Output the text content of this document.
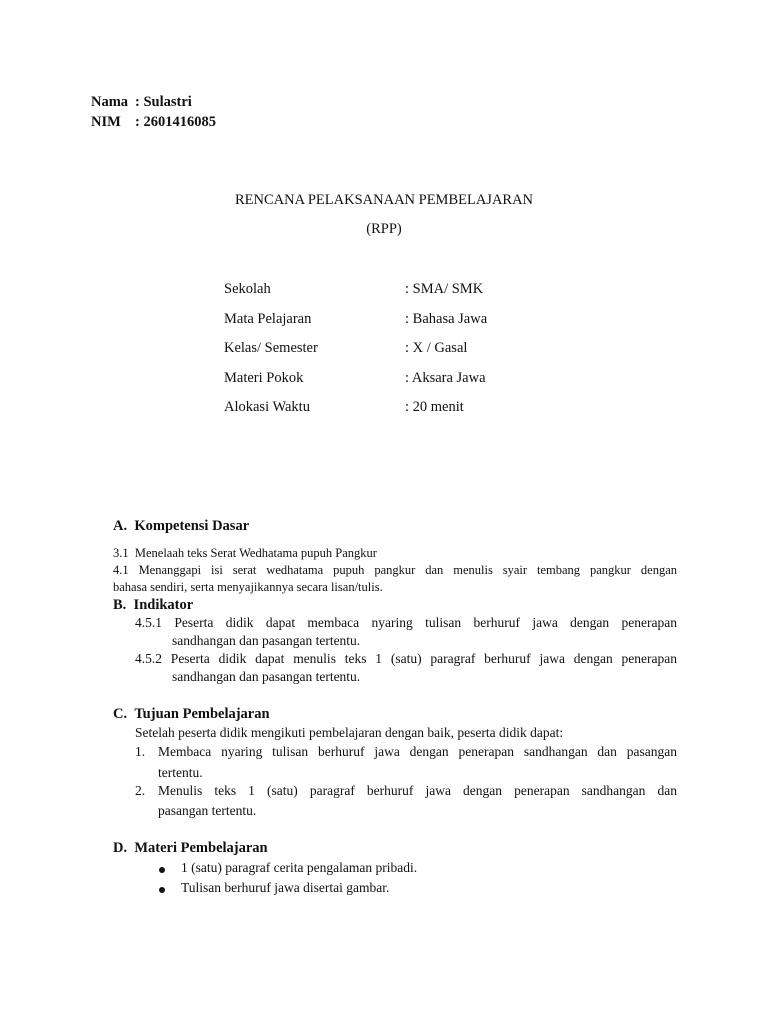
Nama : Sulastri
NIM : 2601416085
RENCANA PELAKSANAAN PEMBELAJARAN
(RPP)
Sekolah	: SMA/ SMK
Mata Pelajaran	: Bahasa Jawa
Kelas/ Semester	: X / Gasal
Materi Pokok	: Aksara Jawa
Alokasi Waktu	: 20 menit
A.  Kompetensi Dasar
3.1  Menelaah teks Serat Wedhatama pupuh Pangkur
4.1 Menanggapi isi serat wedhatama pupuh pangkur dan menulis syair tembang pangkur dengan
bahasa sendiri, serta menyajikannya secara lisan/tulis.
B.  Indikator
4.5.1 Peserta didik dapat membaca nyaring tulisan berhuruf jawa dengan penerapan
sandhangan dan pasangan tertentu.
4.5.2 Peserta didik dapat menulis teks 1 (satu) paragraf berhuruf jawa dengan penerapan
sandhangan dan pasangan tertentu.
C.  Tujuan Pembelajaran
Setelah peserta didik mengikuti pembelajaran dengan baik, peserta didik dapat:
1. Membaca nyaring tulisan berhuruf jawa dengan penerapan sandhangan dan pasangan
tertentu.
2. Menulis teks 1 (satu) paragraf berhuruf jawa dengan penerapan sandhangan dan
pasangan tertentu.
D.  Materi Pembelajaran
1 (satu) paragraf cerita pengalaman pribadi.
Tulisan berhuruf jawa disertai gambar.
